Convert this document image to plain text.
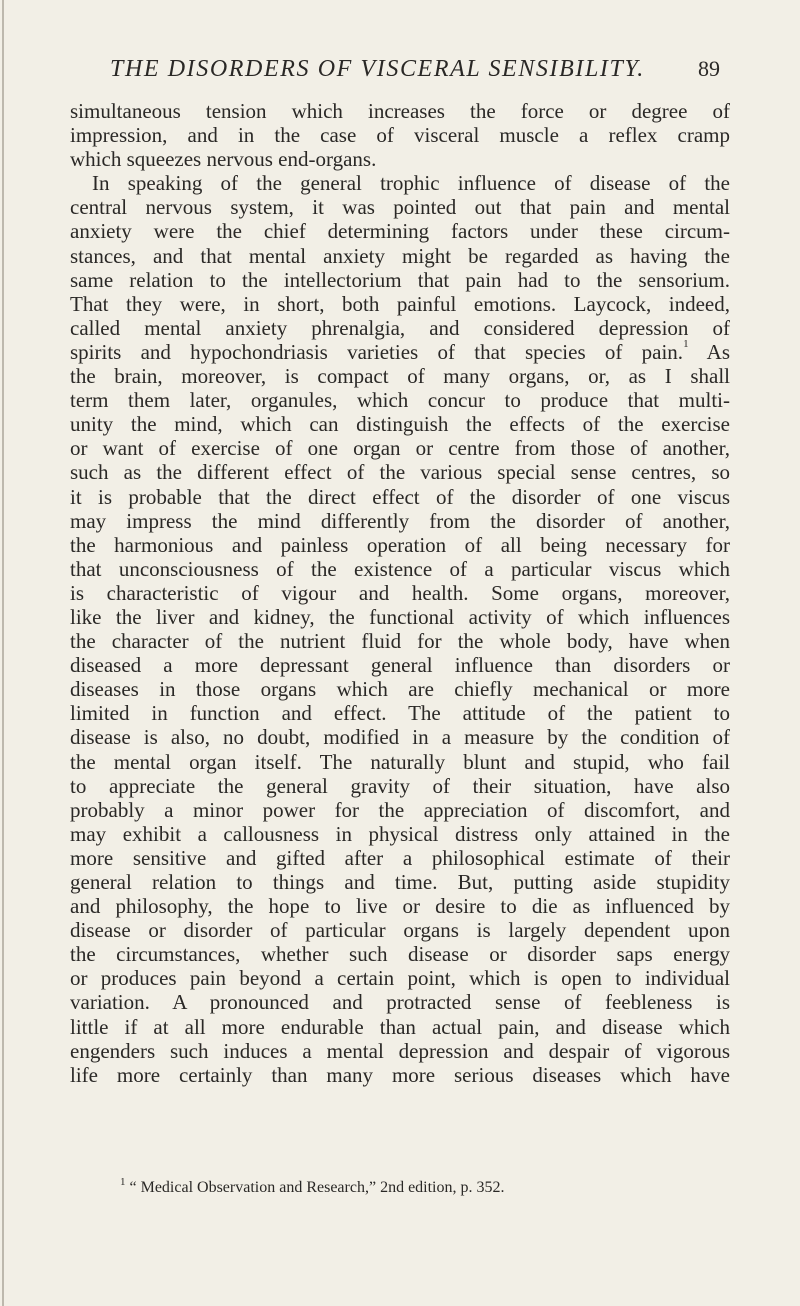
THE DISORDERS OF VISCERAL SENSIBILITY. 89
simultaneous tension which increases the force or degree of
impression, and in the case of visceral muscle a reflex cramp
which squeezes nervous end-organs.
In speaking of the general trophic influence of disease of the
central nervous system, it was pointed out that pain and mental
anxiety were the chief determining factors under these circum-
stances, and that mental anxiety might be regarded as having the
same relation to the intellectorium that pain had to the sensorium.
That they were, in short, both painful emotions. Laycock, indeed,
called mental anxiety phrenalgia, and considered depression of
spirits and hypochondriasis varieties of that species of pain.$^1$ As
the brain, moreover, is compact of many organs, or, as I shall
term them later, organules, which concur to produce that multi-
unity the mind, which can distinguish the effects of the exercise
or want of exercise of one organ or centre from those of another,
such as the different effect of the various special sense centres, so
it is probable that the direct effect of the disorder of one viscus
may impress the mind differently from the disorder of another,
the harmonious and painless operation of all being necessary for
that unconsciousness of the existence of a particular viscus which
is characteristic of vigour and health. Some organs, moreover,
like the liver and kidney, the functional activity of which influences
the character of the nutrient fluid for the whole body, have when
diseased a more depressant general influence than disorders or
diseases in those organs which are chiefly mechanical or more
limited in function and effect. The attitude of the patient to
disease is also, no doubt, modified in a measure by the condition of
the mental organ itself. The naturally blunt and stupid, who fail
to appreciate the general gravity of their situation, have also
probably a minor power for the appreciation of discomfort, and
may exhibit a callousness in physical distress only attained in the
more sensitive and gifted after a philosophical estimate of their
general relation to things and time. But, putting aside stupidity
and philosophy, the hope to live or desire to die as influenced by
disease or disorder of particular organs is largely dependent upon
the circumstances, whether such disease or disorder saps energy
or produces pain beyond a certain point, which is open to individual
variation. A pronounced and protracted sense of feebleness is
little if at all more endurable than actual pain, and disease which
engenders such induces a mental depression and despair of vigorous
life more certainly than many more serious diseases which have
$^1$ “ Medical Observation and Research,” 2nd edition, p. 352.
